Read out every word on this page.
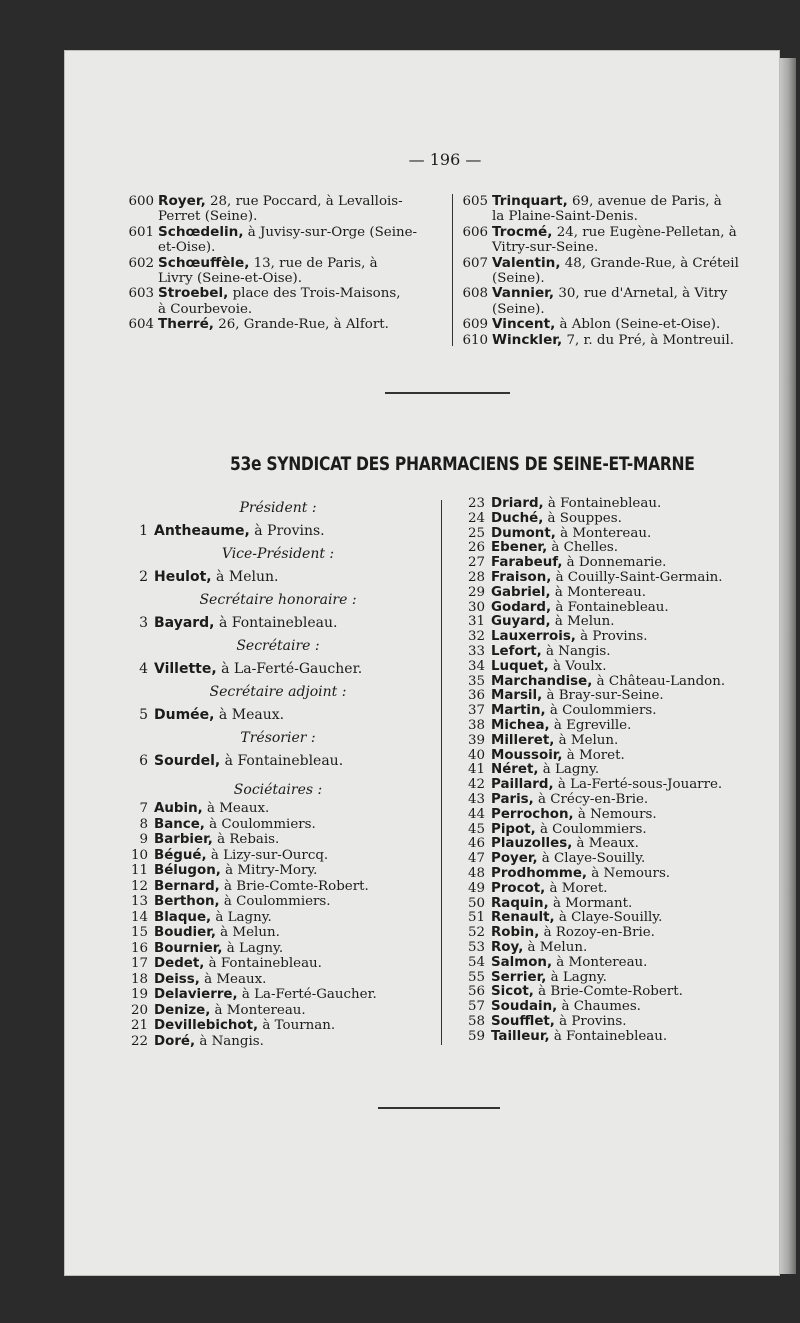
— 196 —
600 Royer, 28, rue Poccard, à Levallois-
Perret (Seine).
601 Schœdelin, à Juvisy-sur-Orge (Seine-
et-Oise).
602 Schœuffèle, 13, rue de Paris, à
Livry (Seine-et-Oise).
603 Stroebel, place des Trois-Maisons,
à Courbevoie.
604 Therré, 26, Grande-Rue, à Alfort.
605 Trinquart, 69, avenue de Paris, à
la Plaine-Saint-Denis.
606 Trocmé, 24, rue Eugène-Pelletan, à
Vitry-sur-Seine.
607 Valentin, 48, Grande-Rue, à Créteil
(Seine).
608 Vannier, 30, rue d'Arnetal, à Vitry
(Seine).
609 Vincent, à Ablon (Seine-et-Oise).
610 Winckler, 7, r. du Pré, à Montreuil.
53e SYNDICAT DES PHARMACIENS DE SEINE-ET-MARNE
Président :
1 Antheaume, à Provins.
Vice-Président :
2 Heulot, à Melun.
Secrétaire honoraire :
3 Bayard, à Fontainebleau.
Secrétaire :
4 Villette, à La-Ferté-Gaucher.
Secrétaire adjoint :
5 Dumée, à Meaux.
Trésorier :
6 Sourdel, à Fontainebleau.
Sociétaires :
7 Aubin, à Meaux.
8 Bance, à Coulommiers.
9 Barbier, à Rebais.
10 Bégué, à Lizy-sur-Ourcq.
11 Bélugon, à Mitry-Mory.
12 Bernard, à Brie-Comte-Robert.
13 Berthon, à Coulommiers.
14 Blaque, à Lagny.
15 Boudier, à Melun.
16 Bournier, à Lagny.
17 Dedet, à Fontainebleau.
18 Deiss, à Meaux.
19 Delavierre, à La-Ferté-Gaucher.
20 Denize, à Montereau.
21 Devillebichot, à Tournan.
22 Doré, à Nangis.
23 Driard, à Fontainebleau.
24 Duché, à Souppes.
25 Dumont, à Montereau.
26 Ebener, à Chelles.
27 Farabeuf, à Donnemarie.
28 Fraison, à Couilly-Saint-Germain.
29 Gabriel, à Montereau.
30 Godard, à Fontainebleau.
31 Guyard, à Melun.
32 Lauxerrois, à Provins.
33 Lefort, à Nangis.
34 Luquet, à Voulx.
35 Marchandise, à Château-Landon.
36 Marsil, à Bray-sur-Seine.
37 Martin, à Coulommiers.
38 Michea, à Egreville.
39 Milleret, à Melun.
40 Moussoir, à Moret.
41 Néret, à Lagny.
42 Paillard, à La-Ferté-sous-Jouarre.
43 Paris, à Crécy-en-Brie.
44 Perrochon, à Nemours.
45 Pipot, à Coulommiers.
46 Plauzolles, à Meaux.
47 Poyer, à Claye-Souilly.
48 Prodhomme, à Nemours.
49 Procot, à Moret.
50 Raquin, à Mormant.
51 Renault, à Claye-Souilly.
52 Robin, à Rozoy-en-Brie.
53 Roy, à Melun.
54 Salmon, à Montereau.
55 Serrier, à Lagny.
56 Sicot, à Brie-Comte-Robert.
57 Soudain, à Chaumes.
58 Soufflet, à Provins.
59 Tailleur, à Fontainebleau.
